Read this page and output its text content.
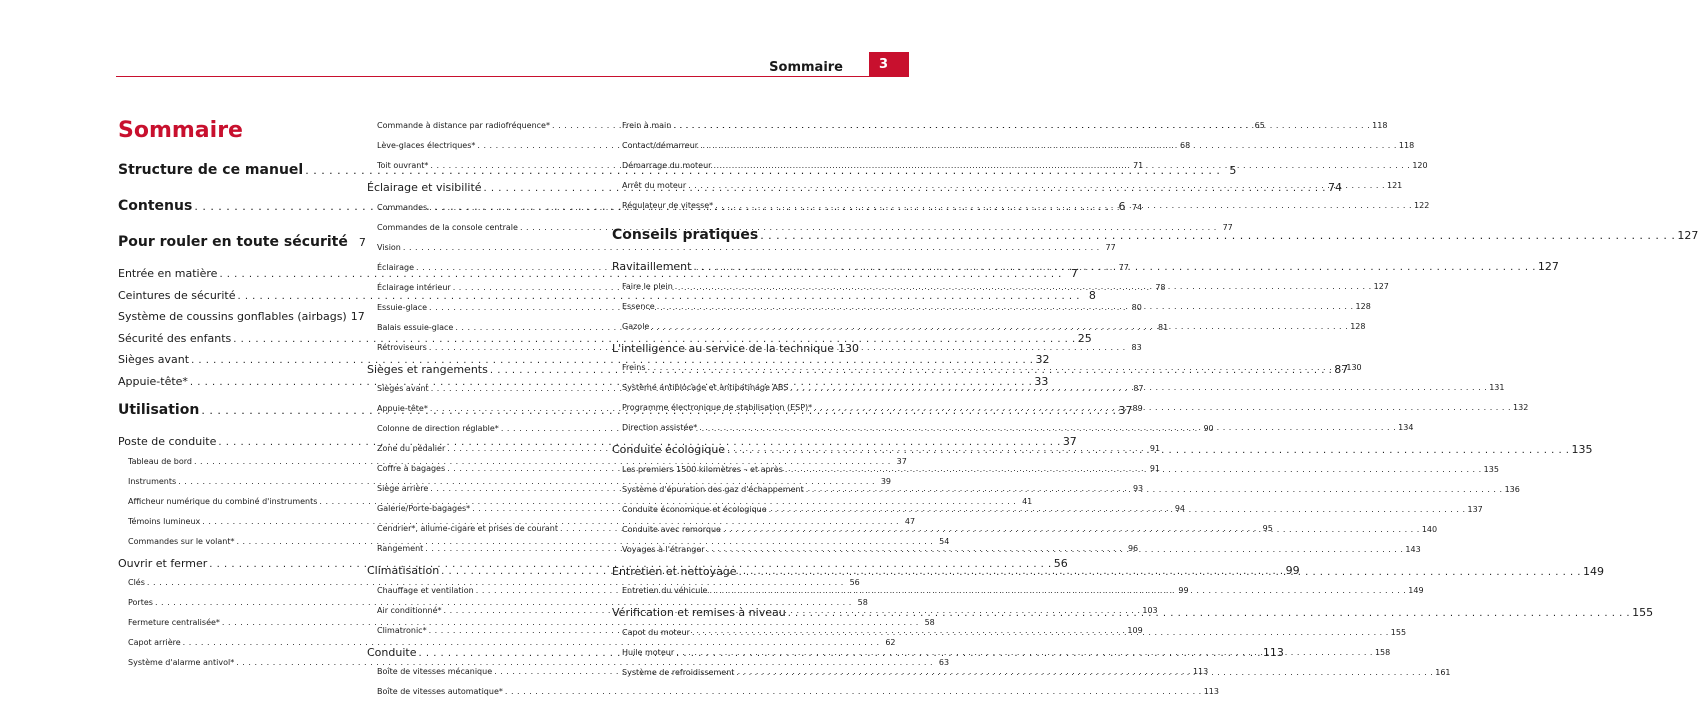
Sommaire	3
Sommaire
Structure de ce manuel . . .	5
Contenus . . .	6
Pour rouler en toute sécurité	7
Entrée en matière . . .	7
Ceintures de sécurité . . .	8
Système de coussins gonflables (airbags) 17
Sécurité des enfants . . .	25
Sièges avant . . .	32
Appuie-tête* . . .	33
Utilisation . . .	37
Poste de conduite . . .	37
Tableau de bord . . .	37
Instruments . . .	39
Afficheur numérique du combiné d'instruments . . .	41
Témoins lumineux . . .	47
Commandes sur le volant* . . .	54
Ouvrir et fermer . . .	56
Clés . . .	56
Portes . . .	58
Fermeture centralisée* . . .	58
Capot arrière . . .	62
Système d'alarme antivol* . . .	63
Commande à distance par radiofréquence* . . .	65
Lève-glaces électriques* . . .	68
Toit ouvrant* . . .	71
Éclairage et visibilité . . .	74
Commandes . . .	74
Commandes de la console centrale . . .	77
Vision . . .	77
Éclairage . . .	77
Éclairage intérieur . . .	78
Essuie-glace . . .	80
Balais essuie-glace . . .	81
Rétroviseurs . . .	83
Sièges et rangements . . .	87
Sièges avant . . .	87
Appuie-tête* . . .	89
Colonne de direction réglable* . . .	90
Zone du pédalier . . .	91
Coffre à bagages . . .	91
Siège arrière . . .	93
Galerie/Porte-bagages* . . .	94
Cendrier*, allume-cigare et prises de courant . . .	95
Rangement . . .	96
Climatisation . . .	99
Chauffage et ventilation . . .	99
Air conditionné* . . .	103
Climatronic* . . .	109
Conduite . . .	113
Boîte de vitesses mécanique . . .	113
Boîte de vitesses automatique* . . .	113
Frein à main . . .	118
Contact/démarreur . . .	118
Démarrage du moteur . . .	120
Arrêt du moteur . . .	121
Régulateur de vitesse* . . .	122
Conseils pratiques . . .	127
Ravitaillement . . .	127
Faire le plein . . .	127
Essence . . .	128
Gazole . . .	128
L'intelligence au service de la technique 130
Freins . . .	130
Système antiblocage et antipatinage ABS . . .	131
Programme électronique de stabilisation (ESP)* . . .	132
Direction assistée* . . .	134
Conduite écologique . . .	135
Les premiers 1500 kilomètres – et après . . .	135
Système d'épuration des gaz d'échappement . . .	136
Conduite économique et écologique . . .	137
Conduite avec remorque . . .	140
Voyages à l'étranger . . .	143
Entretien et nettoyage . . .	149
Entretien du véhicule . . .	149
Vérification et remises à niveau . . .	155
Capot du moteur . . .	155
Huile moteur . . .	158
Système de refroidissement . . .	161
